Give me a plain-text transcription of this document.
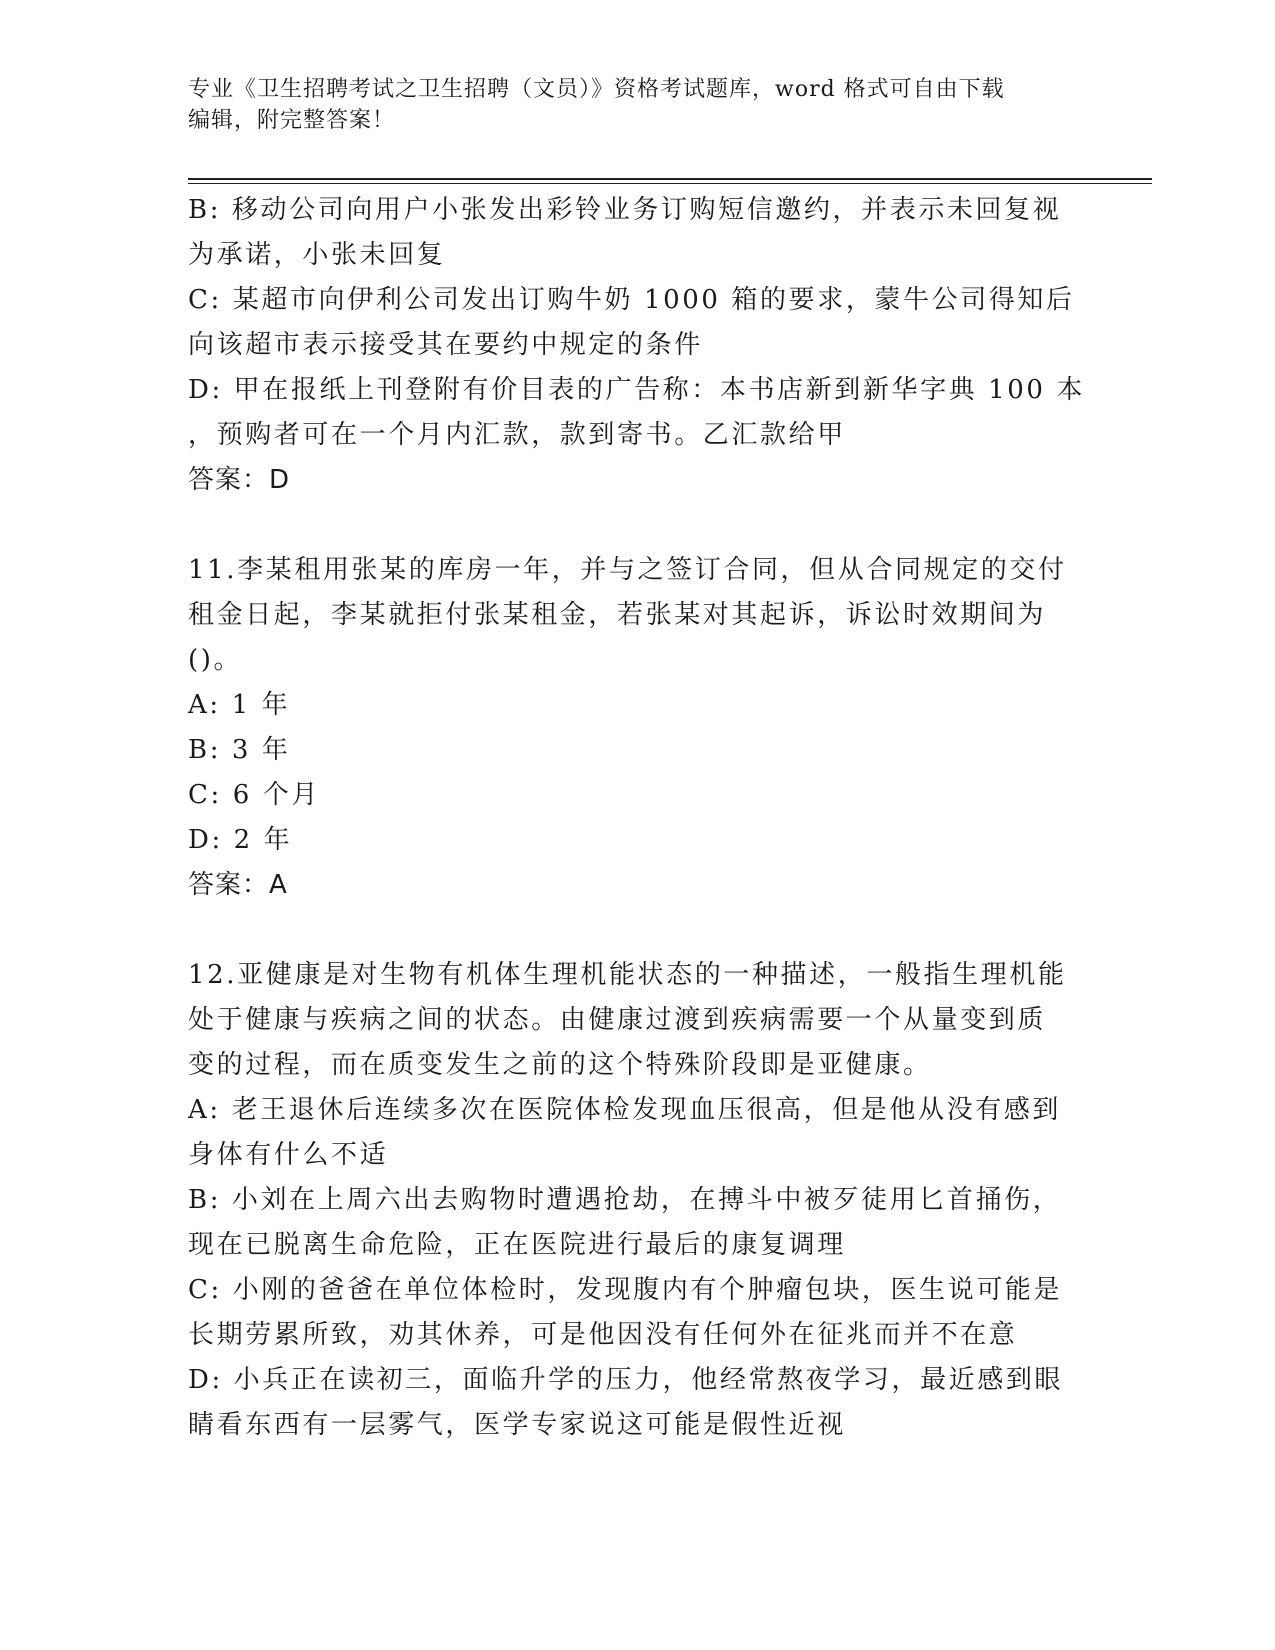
专业《卫生招聘考试之卫生招聘（文员）》资格考试题库，word 格式可自由下载
编辑，附完整答案！
B: 移动公司向用户小张发出彩铃业务订购短信邀约，并表示未回复视
为承诺，小张未回复
C: 某超市向伊利公司发出订购牛奶 1000 箱的要求，蒙牛公司得知后
向该超市表示接受其在要约中规定的条件
D: 甲在报纸上刊登附有价目表的广告称：本书店新到新华字典 100 本
，预购者可在一个月内汇款，款到寄书。乙汇款给甲
答案：D
11.李某租用张某的库房一年，并与之签订合同，但从合同规定的交付
租金日起，李某就拒付张某租金，若张某对其起诉，诉讼时效期间为
()。
A: 1 年
B: 3 年
C: 6 个月
D: 2 年
答案：A
12.亚健康是对生物有机体生理机能状态的一种描述，一般指生理机能
处于健康与疾病之间的状态。由健康过渡到疾病需要一个从量变到质
变的过程，而在质变发生之前的这个特殊阶段即是亚健康。
A: 老王退休后连续多次在医院体检发现血压很高，但是他从没有感到
身体有什么不适
B: 小刘在上周六出去购物时遭遇抢劫，在搏斗中被歹徒用匕首捅伤，
现在已脱离生命危险，正在医院进行最后的康复调理
C: 小刚的爸爸在单位体检时，发现腹内有个肿瘤包块，医生说可能是
长期劳累所致，劝其休养，可是他因没有任何外在征兆而并不在意
D: 小兵正在读初三，面临升学的压力，他经常熬夜学习，最近感到眼
睛看东西有一层雾气，医学专家说这可能是假性近视
